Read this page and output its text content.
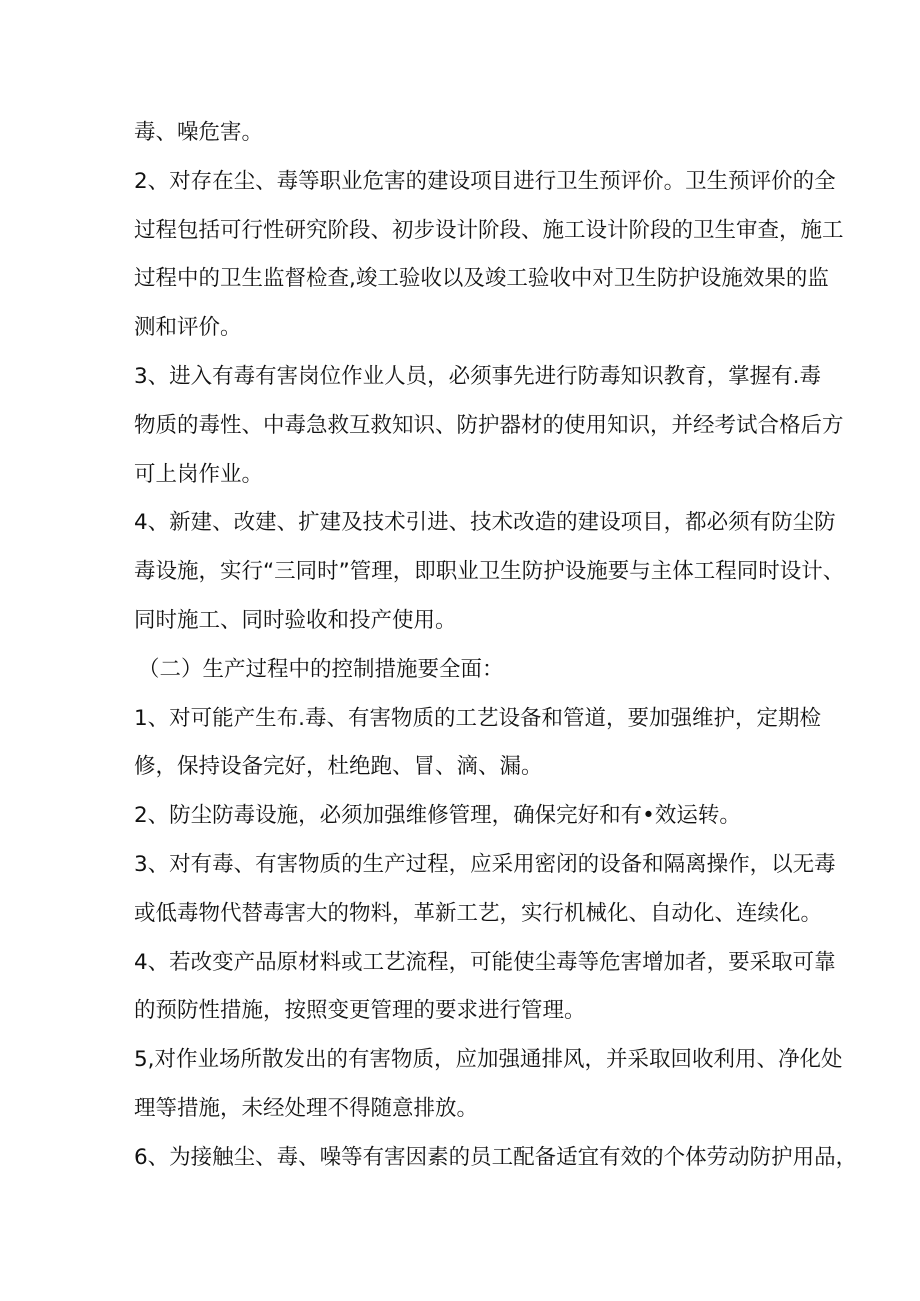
毒、噪危害。

2、对存在尘、毒等职业危害的建设项目进行卫生预评价。卫生预评价的全
过程包括可行性研究阶段、初步设计阶段、施工设计阶段的卫生审查，施工
过程中的卫生监督检查,竣工验收以及竣工验收中对卫生防护设施效果的监
测和评价。

3、进入有毒有害岗位作业人员，必须事先进行防毒知识教育，掌握有.毒
物质的毒性、中毒急救互救知识、防护器材的使用知识，并经考试合格后方
可上岗作业。

4、新建、改建、扩建及技术引进、技术改造的建设项目，都必须有防尘防
毒设施，实行“三同时”管理，即职业卫生防护设施要与主体工程同时设计、
同时施工、同时验收和投产使用。

（二）生产过程中的控制措施要全面：

1、对可能产生布.毒、有害物质的工艺设备和管道，要加强维护，定期检
修，保持设备完好，杜绝跑、冒、滴、漏。

2、防尘防毒设施，必须加强维修管理，确保完好和有•效运转。

3、对有毒、有害物质的生产过程，应采用密闭的设备和隔离操作，以无毒
或低毒物代替毒害大的物料，革新工艺，实行机械化、自动化、连续化。

4、若改变产品原材料或工艺流程，可能使尘毒等危害增加者，要采取可靠
的预防性措施，按照变更管理的要求进行管理。

5,对作业场所散发出的有害物质，应加强通排风，并采取回收利用、净化处
理等措施，未经处理不得随意排放。

6、为接触尘、毒、噪等有害因素的员工配备适宜有效的个体劳动防护用品，
